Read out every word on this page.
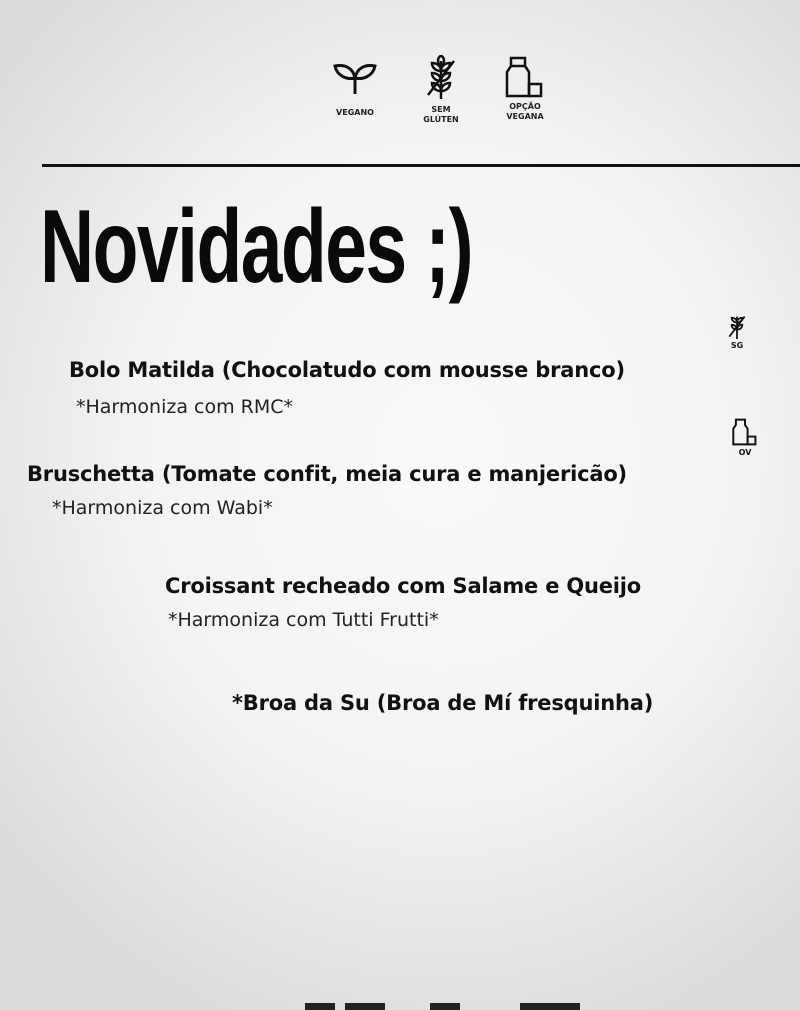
VEGANO	SEM
GLÚTEN
OPÇÃO
VEGANA
Novidades ;)
SG
OV
Bolo Matilda (Chocolatudo com mousse branco)
*Harmoniza com RMC*
Bruschetta (Tomate confit, meia cura e manjericão)
*Harmoniza com Wabi*
Croissant recheado com Salame e Queijo
*Harmoniza com Tutti Frutti*
*Broa da Su (Broa de Mí fresquinha)
